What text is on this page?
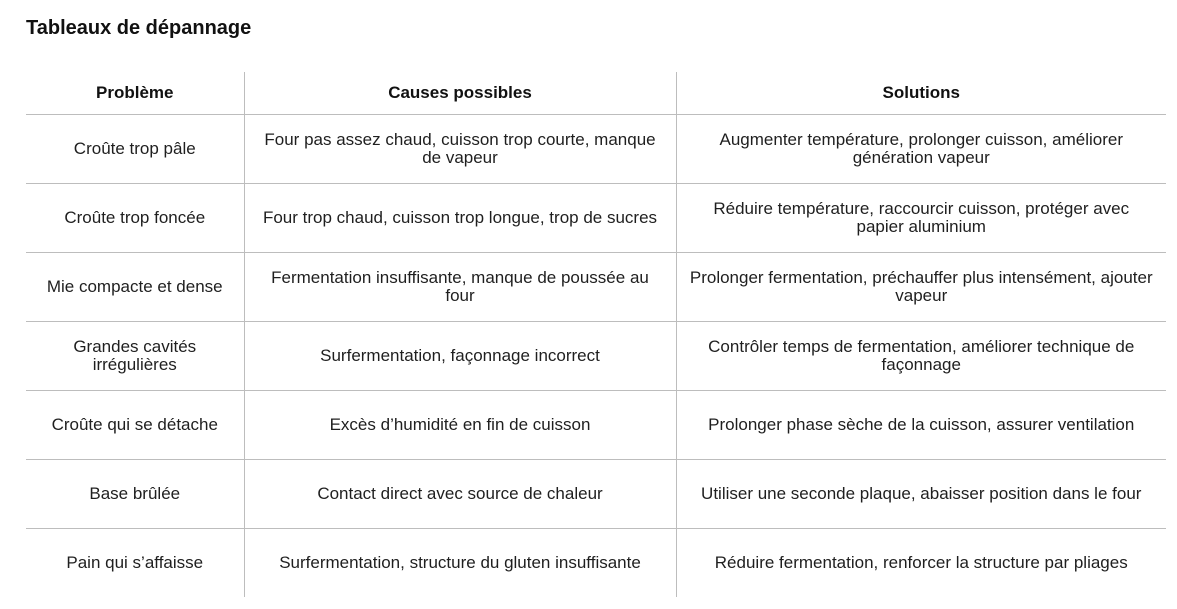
Tableaux de dépannage
Problème	Causes possibles	Solutions
Croûte trop pâle	Four pas assez chaud, cuisson trop courte, manque de vapeur	Augmenter température, prolonger cuisson, améliorer génération vapeur
Croûte trop foncée	Four trop chaud, cuisson trop longue, trop de sucres	Réduire température, raccourcir cuisson, protéger avec papier aluminium
Mie compacte et dense	Fermentation insuffisante, manque de poussée au four	Prolonger fermentation, préchauffer plus intensément, ajouter vapeur
Grandes cavités irrégulières	Surfermentation, façonnage incorrect	Contrôler temps de fermentation, améliorer technique de façonnage
Croûte qui se détache	Excès d’humidité en fin de cuisson	Prolonger phase sèche de la cuisson, assurer ventilation
Base brûlée	Contact direct avec source de chaleur	Utiliser une seconde plaque, abaisser position dans le four
Pain qui s’affaisse	Surfermentation, structure du gluten insuffisante	Réduire fermentation, renforcer la structure par pliages
